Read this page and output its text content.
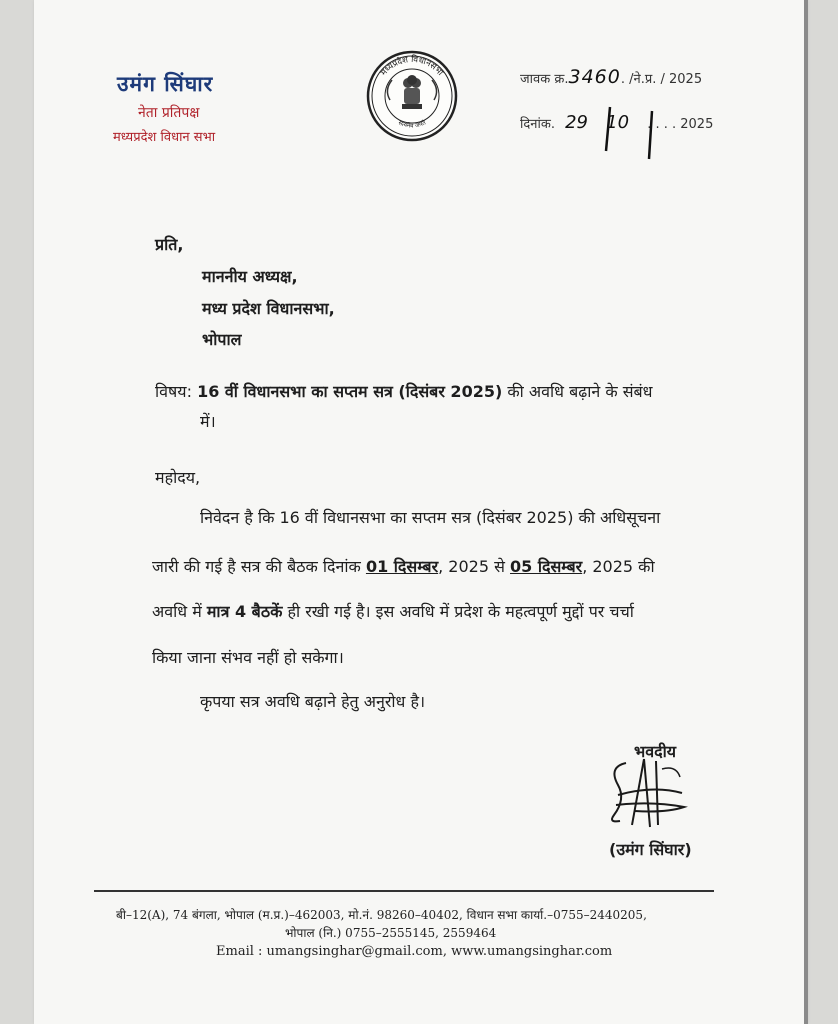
उमंग सिंघार
नेता प्रतिपक्ष
मध्यप्रदेश विधान सभा
मध्यप्रदेश विधानसभा
सत्यमेव जयते
जावक क्र.3460. /ने.प्र. / 2025
दिनांक. 29 10 . . . . 2025
प्रति,
माननीय अध्यक्ष,
मध्य प्रदेश विधानसभा,
भोपाल
विषय: 16 वीं विधानसभा का सप्तम सत्र (दिसंबर 2025) की अवधि बढ़ाने के संबंध
में।
महोदय,
निवेदन है कि 16 वीं विधानसभा का सप्तम सत्र (दिसंबर 2025) की अधिसूचना
जारी की गई है सत्र की बैठक दिनांक 01 दिसम्बर, 2025 से 05 दिसम्बर, 2025 की
अवधि में मात्र 4 बैठकें ही रखी गई है। इस अवधि में प्रदेश के महत्वपूर्ण मुद्दों पर चर्चा
किया जाना संभव नहीं हो सकेगा।
कृपया सत्र अवधि बढ़ाने हेतु अनुरोध है।
भवदीय
(उमंग सिंघार)
बी–12(A), 74 बंगला, भोपाल (म.प्र.)–462003, मो.नं. 98260–40402, विधान सभा कार्या.–0755–2440205,
भोपाल (नि.) 0755–2555145, 2559464
Email : umangsinghar@gmail.com, www.umangsinghar.com
